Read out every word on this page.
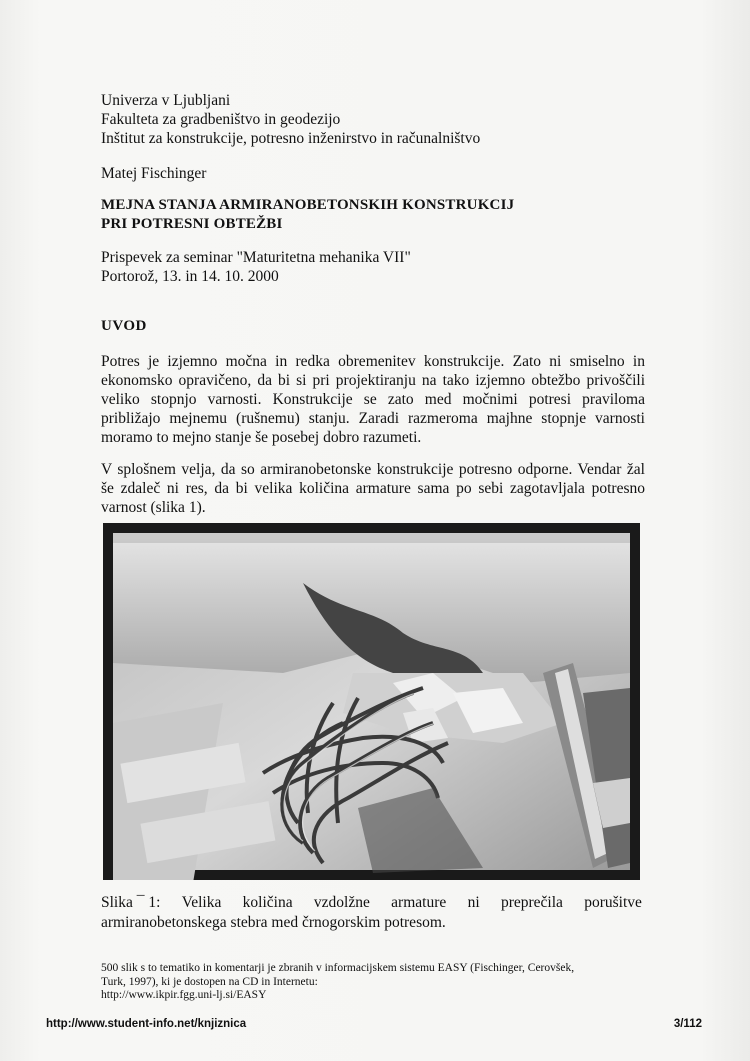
Univerza v Ljubljani
Fakulteta za gradbeništvo in geodezijo
Inštitut za konstrukcije, potresno inženirstvo in računalništvo
Matej Fischinger
MEJNA STANJA ARMIRANOBETONSKIH KONSTRUKCIJ
PRI POTRESNI OBTEŽBI
Prispevek za seminar "Maturitetna mehanika VII"
Portorož, 13. in 14. 10. 2000
UVOD
Potres je izjemno močna in redka obremenitev konstrukcije. Zato ni smiselno in
ekonomsko opravičeno, da bi si pri projektiranju na tako izjemno obtežbo privoščili
veliko stopnjo varnosti. Konstrukcije se zato med močnimi potresi praviloma
približajo mejnemu (rušnemu) stanju. Zaradi razmeroma majhne stopnje varnosti
moramo to mejno stanje še posebej dobro razumeti.
V splošnem velja, da so armiranobetonske konstrukcije potresno odporne. Vendar žal
še zdaleč ni res, da bi velika količina armature sama po sebi zagotavljala potresno
varnost (slika 1).
Slika ¯ 1: Velika količina vzdolžne armature ni preprečila porušitve
armiranobetonskega stebra med črnogorskim potresom.
500 slik s to tematiko in komentarji je zbranih v informacijskem sistemu EASY (Fischinger, Cerovšek,
Turk, 1997), ki je dostopen na CD in Internetu:
http://www.ikpir.fgg.uni-lj.si/EASY
http://www.student-info.net/knjiznica	3/112
